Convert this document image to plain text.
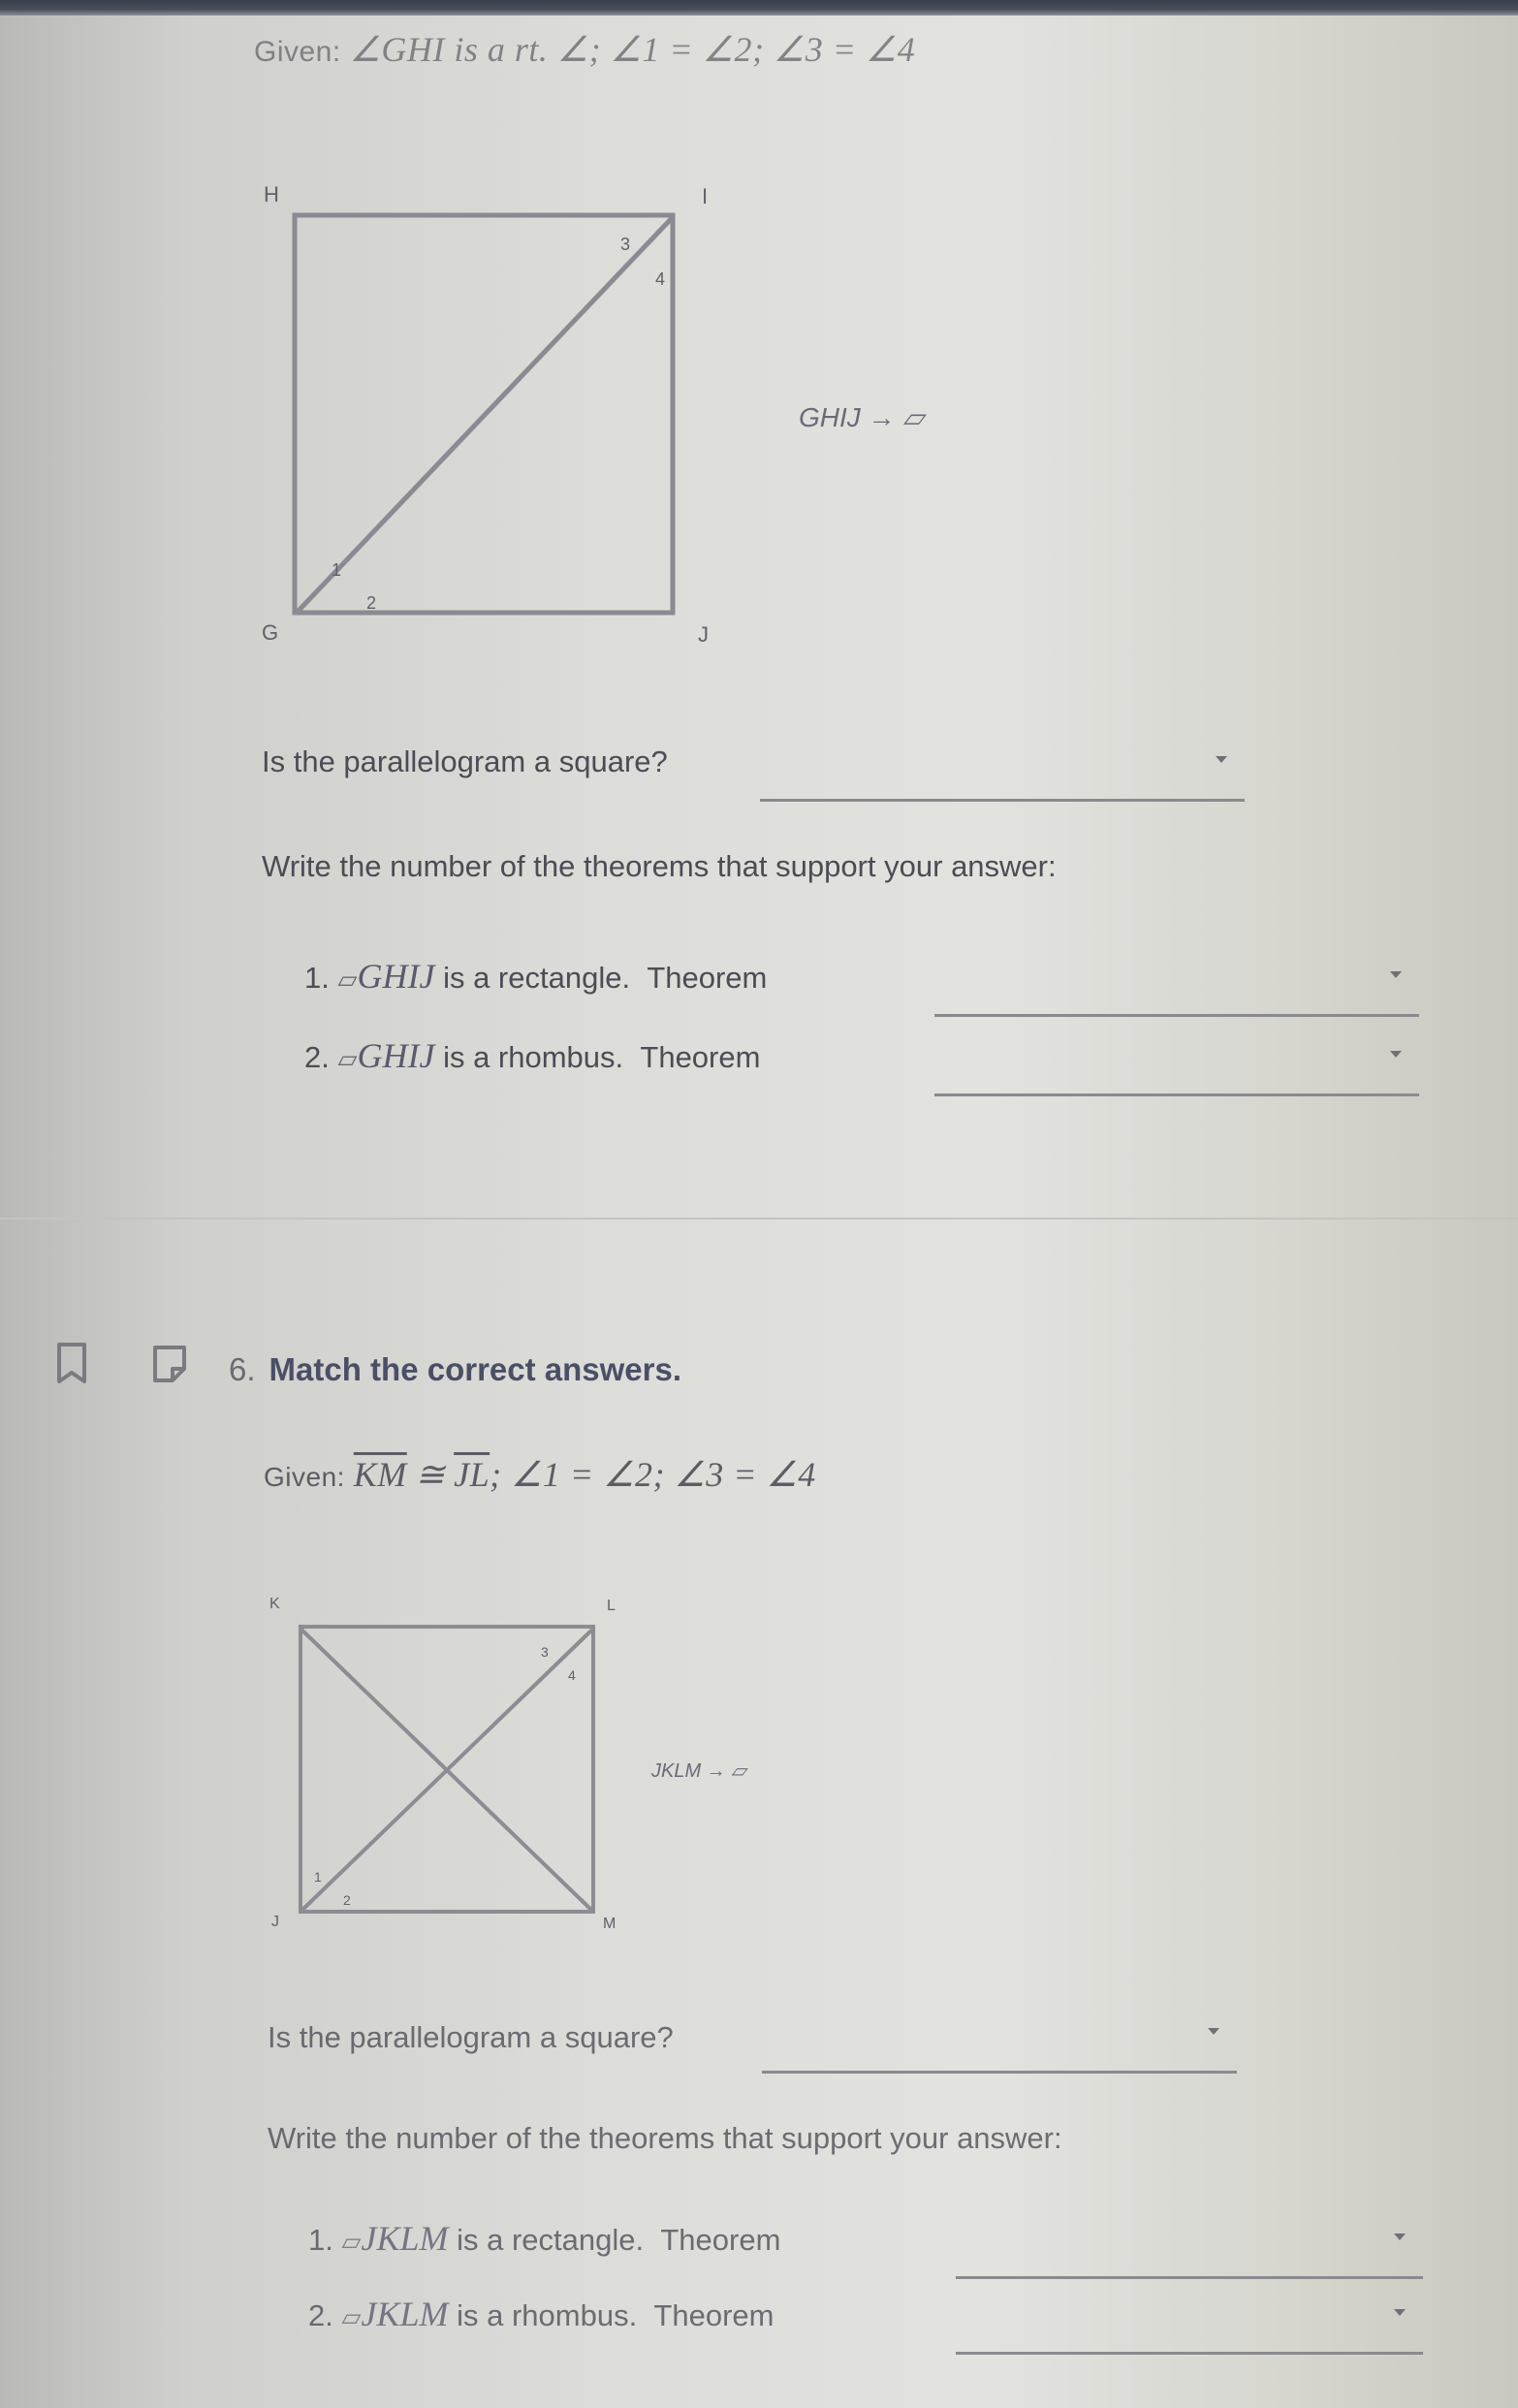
Given: ∠GHI is a rt. ∠; ∠1 = ∠2; ∠3 = ∠4
H	I
G	J
1
2
3
4
GHIJ → ▱
Is the parallelogram a square?
Write the number of the theorems that support your answer:
1. ▱GHIJ is a rectangle. Theorem
2. ▱GHIJ is a rhombus. Theorem
6. Match the correct answers.
Given: $\overline{KM}$ ≅ $\overline{JL}$; ∠1 = ∠2; ∠3 = ∠4
K	L
J	M
1
2
3
4
JKLM → ▱
Is the parallelogram a square?
Write the number of the theorems that support your answer:
1. ▱JKLM is a rectangle. Theorem
2. ▱JKLM is a rhombus. Theorem
